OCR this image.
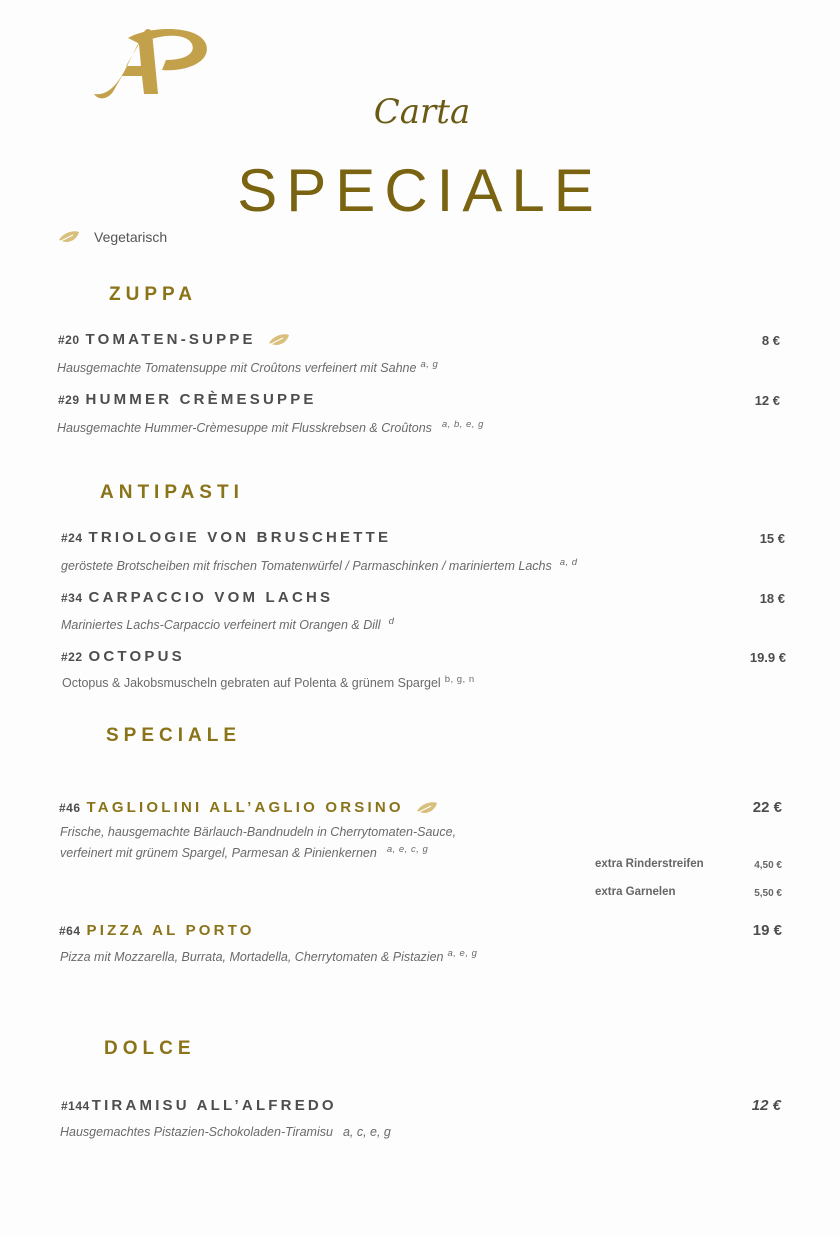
Carta
SPECIALE
Vegetarisch
ZUPPA
#20 TOMATEN-SUPPE	8 €
Hausgemachte Tomatensuppe mit Croûtons verfeinert mit Sahne $^{a, g}$
#29 HUMMER CRÈMESUPPE	12 €
Hausgemachte Hummer-Crèmesuppe mit Flusskrebsen & Croûtons $^{a, b, e, g}$
ANTIPASTI
#24 TRIOLOGIE VON BRUSCHETTE	15 €
geröstete Brotscheiben mit frischen Tomatenwürfel / Parmaschinken / mariniertem Lachs $^{a, d}$
#34 CARPACCIO VOM LACHS	18 €
Mariniertes Lachs-Carpaccio verfeinert mit Orangen & Dill $^d$
#22 OCTOPUS	19.9 €
Octopus & Jakobsmuscheln gebraten auf Polenta & grünem Spargel $^{b, g, n}$
SPECIALE
#46 TAGLIOLINI ALL’AGLIO ORSINO	22 €
Frische, hausgemachte Bärlauch-Bandnudeln in Cherrytomaten-Sauce,
verfeinert mit grünem Spargel, Parmesan & Pinienkernen $^{a, e, c, g}$
extra Rinderstreifen	4,50 €
extra Garnelen	5,50 €
#64 PIZZA AL PORTO	19 €
Pizza mit Mozzarella, Burrata, Mortadella, Cherrytomaten & Pistazien $^{a, e, g}$
DOLCE
#144 TIRAMISU ALL’ALFREDO	12 €
Hausgemachtes Pistazien-Schokoladen-Tiramisu a, c, e, g
